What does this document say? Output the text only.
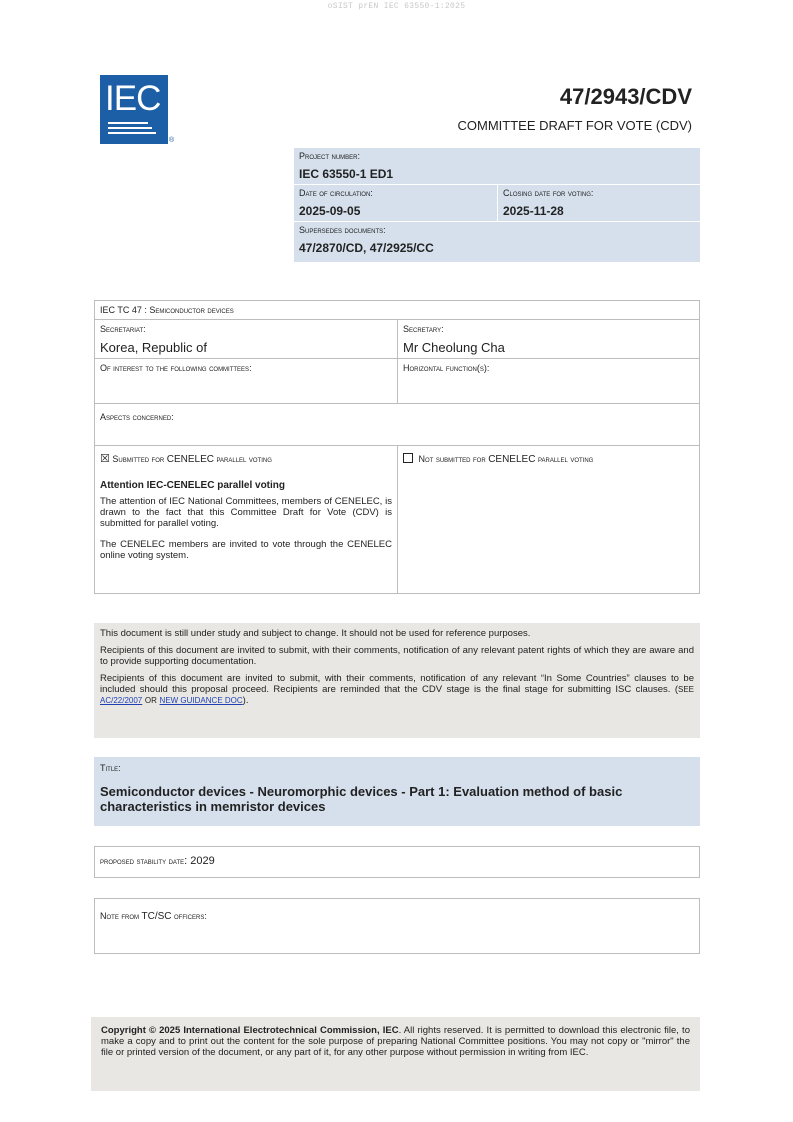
oSIST prEN IEC 63550-1:2025
IEC
®
47/2943/CDV
COMMITTEE DRAFT FOR VOTE (CDV)
Project number:
IEC 63550-1 ED1
Date of circulation:
2025-09-05
Closing date for voting:
2025-11-28
Supersedes documents:
47/2870/CD, 47/2925/CC
IEC TC 47 : Semiconductor devices
Secretariat:
Korea, Republic of
Secretary:
Mr Cheolung Cha
Of interest to the following committees:	Horizontal function(s):
Aspects concerned:
☒ Submitted for CENELEC parallel voting
Attention IEC-CENELEC parallel voting
The attention of IEC National Committees, members of CENELEC, is drawn to the fact that this Committee Draft for Vote (CDV) is submitted for parallel voting.
The CENELEC members are invited to vote through the CENELEC online voting system.
Not submitted for CENELEC parallel voting

This document is still under study and subject to change. It should not be used for reference purposes.

Recipients of this document are invited to submit, with their comments, notification of any relevant patent rights of which they are aware and to provide supporting documentation.

Recipients of this document are invited to submit, with their comments, notification of any relevant “In Some Countries” clauses to be included should this proposal proceed. Recipients are reminded that the CDV stage is the final stage for submitting ISC clauses. (SEE AC/22/2007 OR NEW GUIDANCE DOC).

Title:
Semiconductor devices - Neuromorphic devices - Part 1: Evaluation method of basic characteristics in memristor devices
proposed stability date: 2029
Note from TC/SC officers:
Copyright © 2025 International Electrotechnical Commission, IEC. All rights reserved. It is permitted to download this electronic file, to make a copy and to print out the content for the sole purpose of preparing National Committee positions. You may not copy or "mirror" the file or printed version of the document, or any part of it, for any other purpose without permission in writing from IEC.
